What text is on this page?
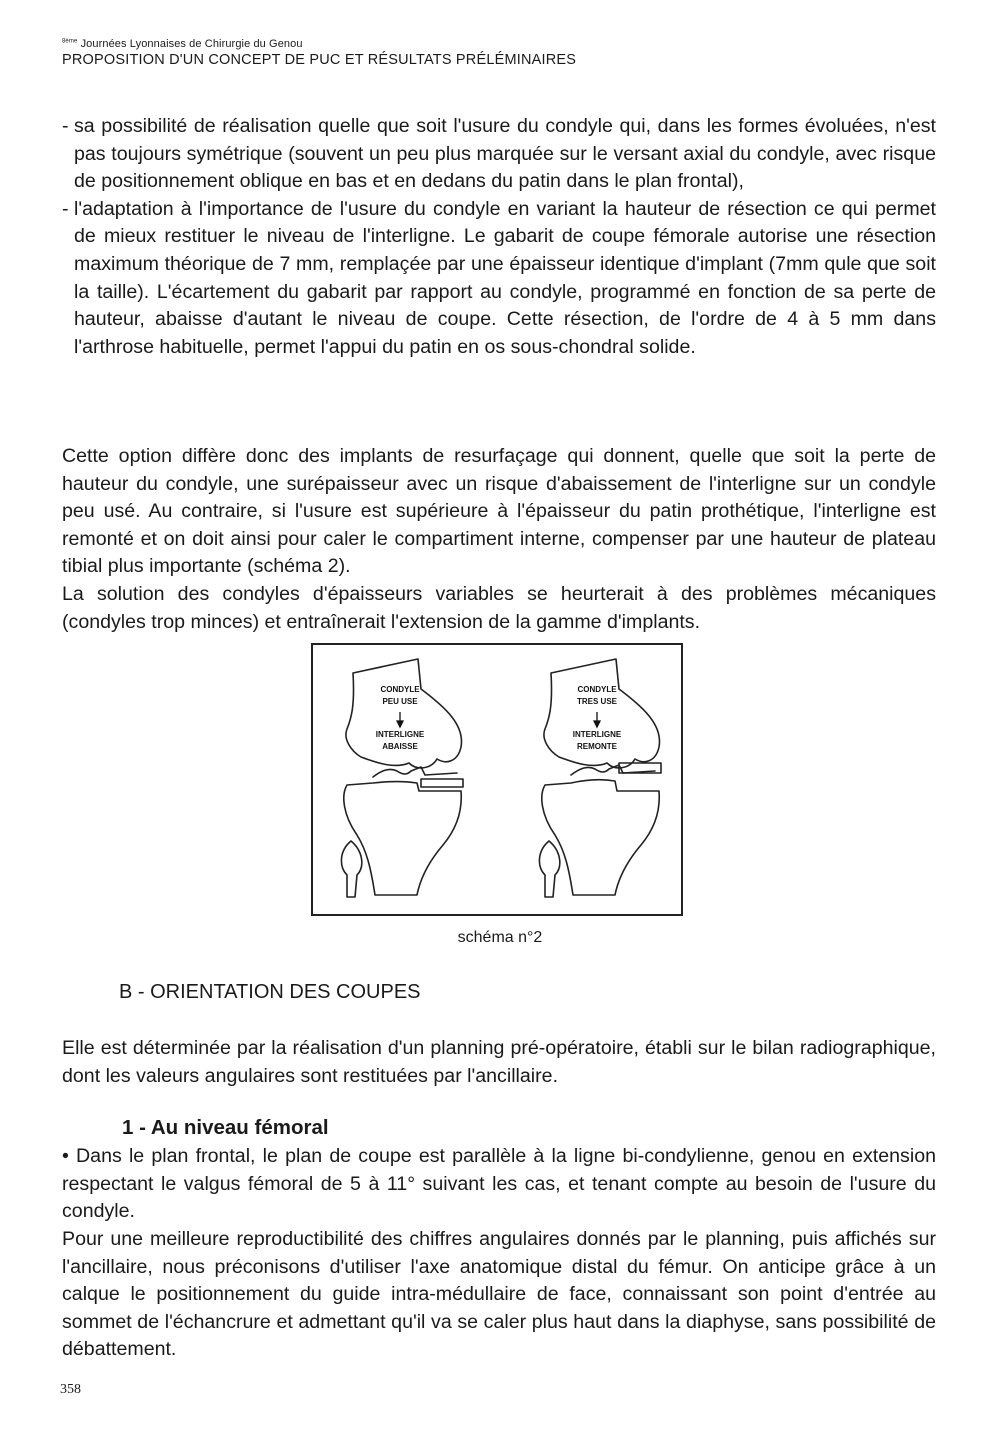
$^{8ème}$ Journées Lyonnaises de Chirurgie du Genou
PROPOSITION D'UN CONCEPT DE PUC ET RÉSULTATS PRÉLÉMINAIRES
- sa possibilité de réalisation quelle que soit l'usure du condyle qui, dans les formes évoluées, n'est pas toujours symétrique (souvent un peu plus marquée sur le versant axial du condyle, avec risque de positionnement oblique en bas et en dedans du patin dans le plan frontal),

- l'adaptation à l'importance de l'usure du condyle en variant la hauteur de résection ce qui permet de mieux restituer le niveau de l'interligne. Le gabarit de coupe fémorale autorise une résection maximum théorique de 7 mm, remplaçée par une épaisseur identique d'implant (7mm qule que soit la taille). L'écartement du gabarit par rapport au condyle, programmé en fonction de sa perte de hauteur, abaisse d'autant le niveau de coupe. Cette résection, de l'ordre de 4 à 5 mm dans l'arthrose habituelle, permet l'appui du patin en os sous-chondral solide.

Cette option diffère donc des implants de resurfaçage qui donnent, quelle que soit la perte de hauteur du condyle, une surépaisseur avec un risque d'abaissement de l'interligne sur un condyle peu usé. Au contraire, si l'usure est supérieure à l'épaisseur du patin prothétique, l'interligne est remonté et on doit ainsi pour caler le compartiment interne, compenser par une hauteur de plateau tibial plus importante (schéma 2).

La solution des condyles d'épaisseurs variables se heurterait à des problèmes mécaniques (condyles trop minces) et entraînerait l'extension de la gamme d'implants.

CONDYLE
PEU USE
INTERLIGNE
ABAISSE
CONDYLE
TRES USE
INTERLIGNE
REMONTE
schéma n°2
B - ORIENTATION DES COUPES

Elle est déterminée par la réalisation d'un planning pré-opératoire, établi sur le bilan radiographique, dont les valeurs angulaires sont restituées par l'ancillaire.

1 - Au niveau fémoral

• Dans le plan frontal, le plan de coupe est parallèle à la ligne bi-condylienne, genou en extension respectant le valgus fémoral de 5 à 11° suivant les cas, et tenant compte au besoin de l'usure du condyle.

Pour une meilleure reproductibilité des chiffres angulaires donnés par le planning, puis affichés sur l'ancillaire, nous préconisons d'utiliser l'axe anatomique distal du fémur. On anticipe grâce à un calque le positionnement du guide intra-médullaire de face, connaissant son point d'entrée au sommet de l'échancrure et admettant qu'il va se caler plus haut dans la diaphyse, sans possibilité de débattement.

358
